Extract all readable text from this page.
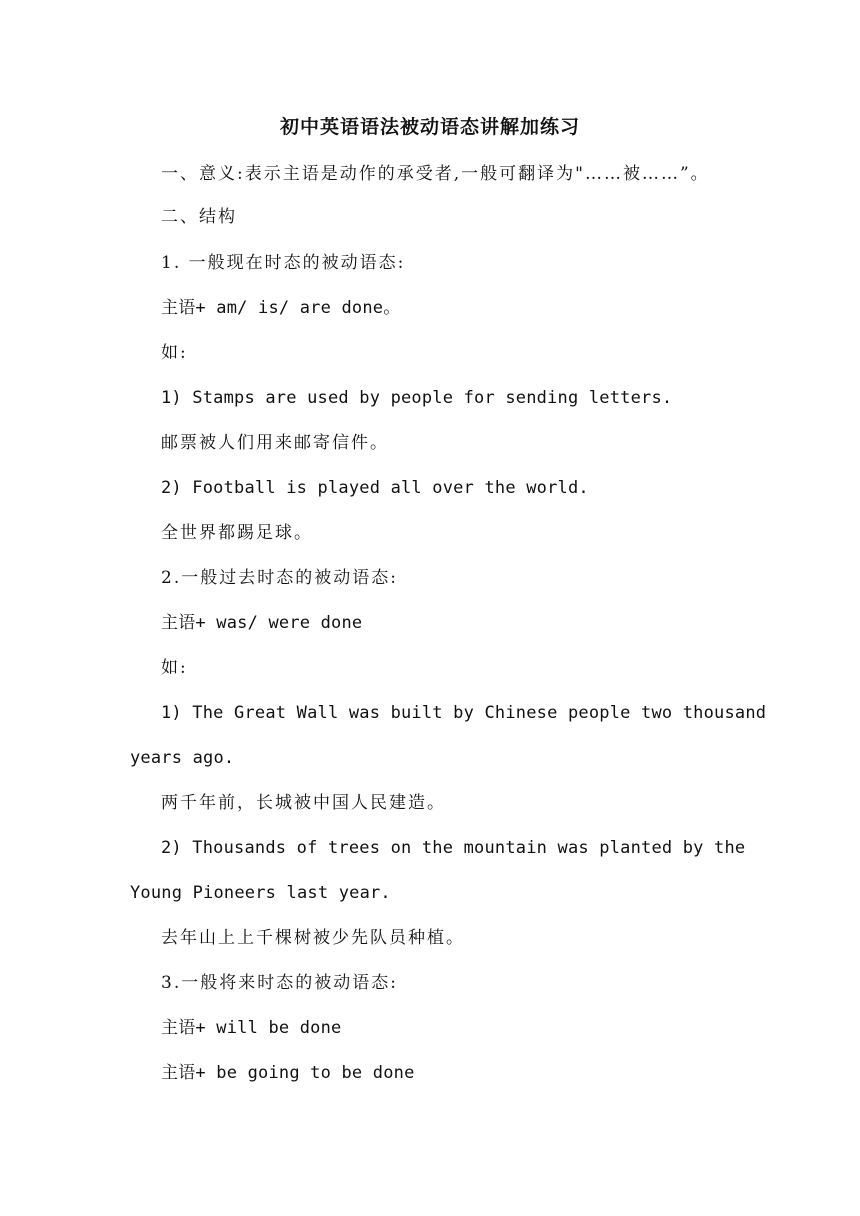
初中英语语法被动语态讲解加练习
一、意义:表示主语是动作的承受者,一般可翻译为"……被……”。
二、结构
1. 一般现在时态的被动语态:
主语+ am/ is/ are done。
如:
1) Stamps are used by people for sending letters.
邮票被人们用来邮寄信件。
2) Football is played all over the world.
全世界都踢足球。
2.一般过去时态的被动语态:
主语+ was/ were done
如:
1) The Great Wall was built by Chinese people two thousand
years ago.
两千年前，长城被中国人民建造。
2) Thousands of trees on the mountain was planted by the
Young Pioneers last year.
去年山上上千棵树被少先队员种植。
3.一般将来时态的被动语态:
主语+ will be done
主语+ be going to be done
